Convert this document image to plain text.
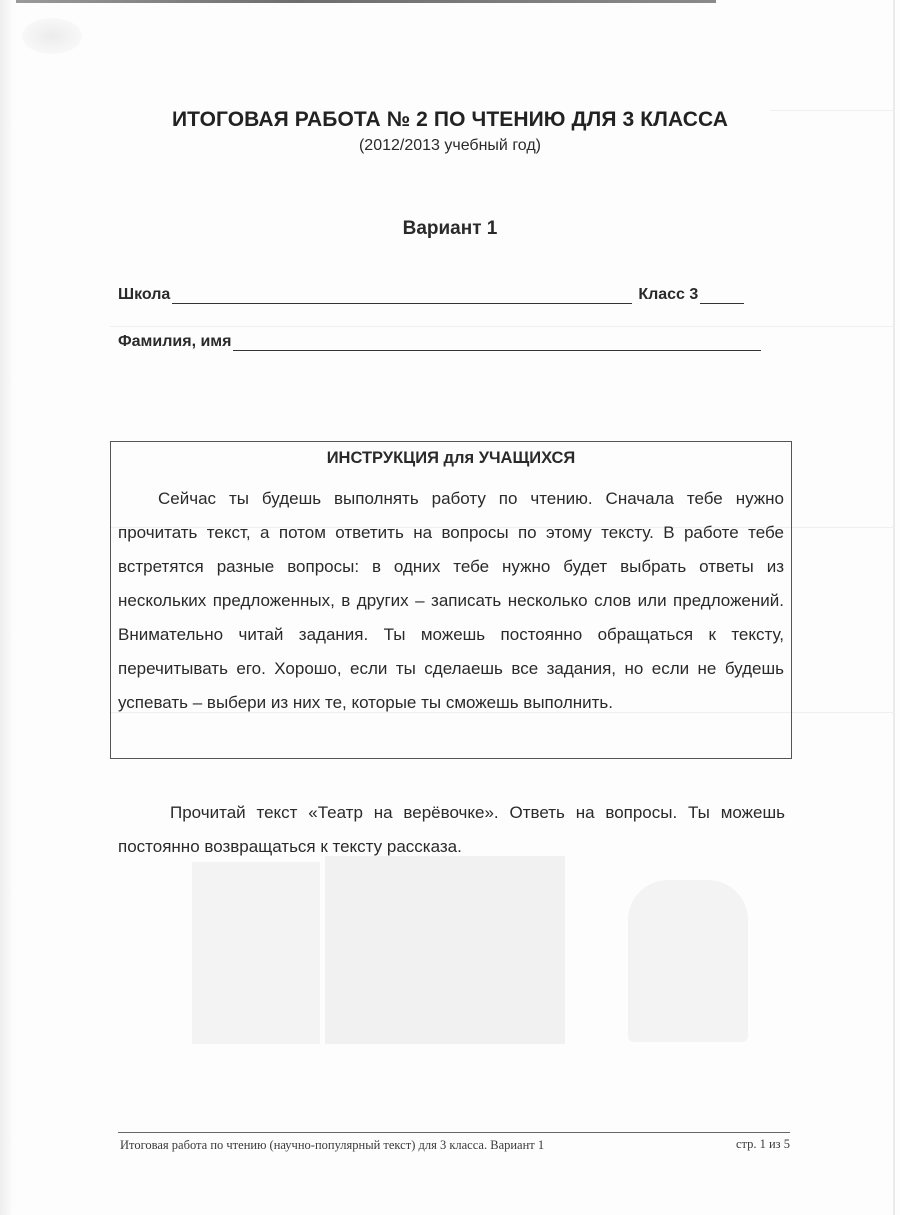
ИТОГОВАЯ РАБОТА № 2 ПО ЧТЕНИЮ ДЛЯ 3 КЛАССА
(2012/2013 учебный год)
Вариант 1
Школа	Класс 3
Фамилия, имя
ИНСТРУКЦИЯ для УЧАЩИХСЯ
Сейчас ты будешь выполнять работу по чтению. Сначала тебе нужно прочитать текст, а потом ответить на вопросы по этому тексту. В работе тебе встретятся разные вопросы: в одних тебе нужно будет выбрать ответы из нескольких предложенных, в других – записать несколько слов или предложений. Внимательно читай задания. Ты можешь постоянно обращаться к тексту, перечитывать его. Хорошо, если ты сделаешь все задания, но если не будешь успевать – выбери из них те, которые ты сможешь выполнить.
Прочитай текст «Театр на верёвочке». Ответь на вопросы. Ты можешь постоянно возвращаться к тексту рассказа.
Итоговая работа по чтению (научно-популярный текст) для 3 класса. Вариант 1	стр. 1 из 5
